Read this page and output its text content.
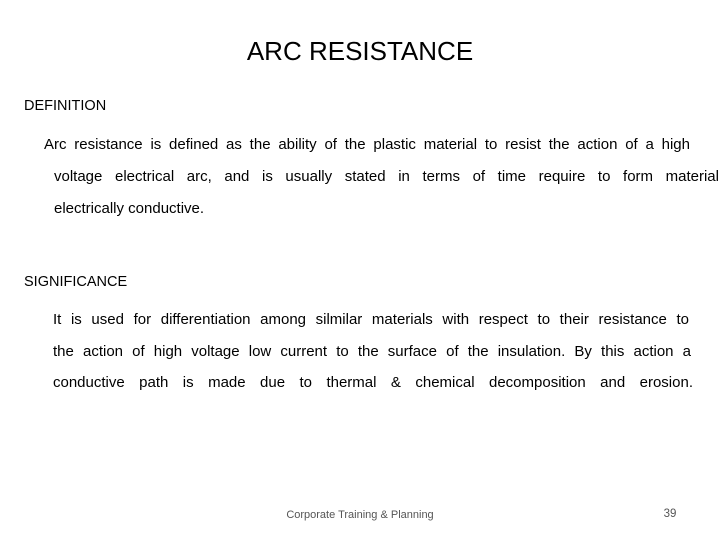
ARC RESISTANCE
DEFINITION
Arc resistance is defined as the ability of the plastic material to resist the action of a high
voltage electrical arc, and is usually stated in terms of time require to form material
electrically conductive.
SIGNIFICANCE
It is used for differentiation among silmilar materials with respect to their resistance to
the action of high voltage low current to the surface of the insulation. By this action a
conductive path is made due to thermal & chemical decomposition and erosion.
Corporate Training & Planning	39
